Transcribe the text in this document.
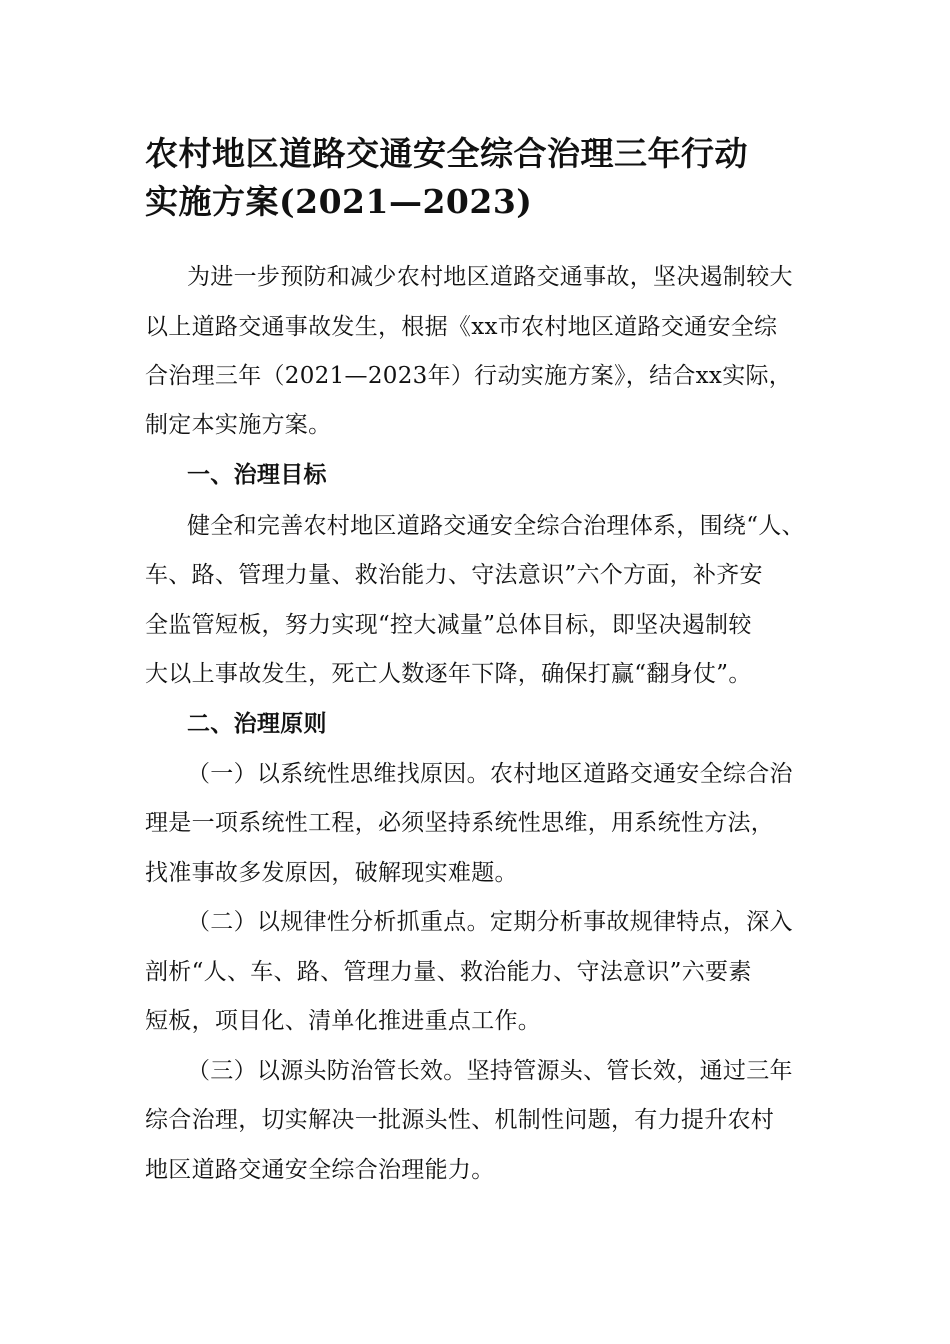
农村地区道路交通安全综合治理三年行动
实施方案(2021—2023)
为进一步预防和减少农村地区道路交通事故，坚决遏制较大
以上道路交通事故发生，根据《xx市农村地区道路交通安全综
合治理三年（2021—2023年）行动实施方案》，结合xx实际，
制定本实施方案。
一、治理目标
健全和完善农村地区道路交通安全综合治理体系，围绕“人、
车、路、管理力量、救治能力、守法意识”六个方面，补齐安
全监管短板，努力实现“控大减量”总体目标，即坚决遏制较
大以上事故发生，死亡人数逐年下降，确保打赢“翻身仗”。
二、治理原则
（一）以系统性思维找原因。农村地区道路交通安全综合治
理是一项系统性工程，必须坚持系统性思维，用系统性方法，
找准事故多发原因，破解现实难题。
（二）以规律性分析抓重点。定期分析事故规律特点，深入
剖析“人、车、路、管理力量、救治能力、守法意识”六要素
短板，项目化、清单化推进重点工作。
（三）以源头防治管长效。坚持管源头、管长效，通过三年
综合治理，切实解决一批源头性、机制性问题，有力提升农村
地区道路交通安全综合治理能力。
